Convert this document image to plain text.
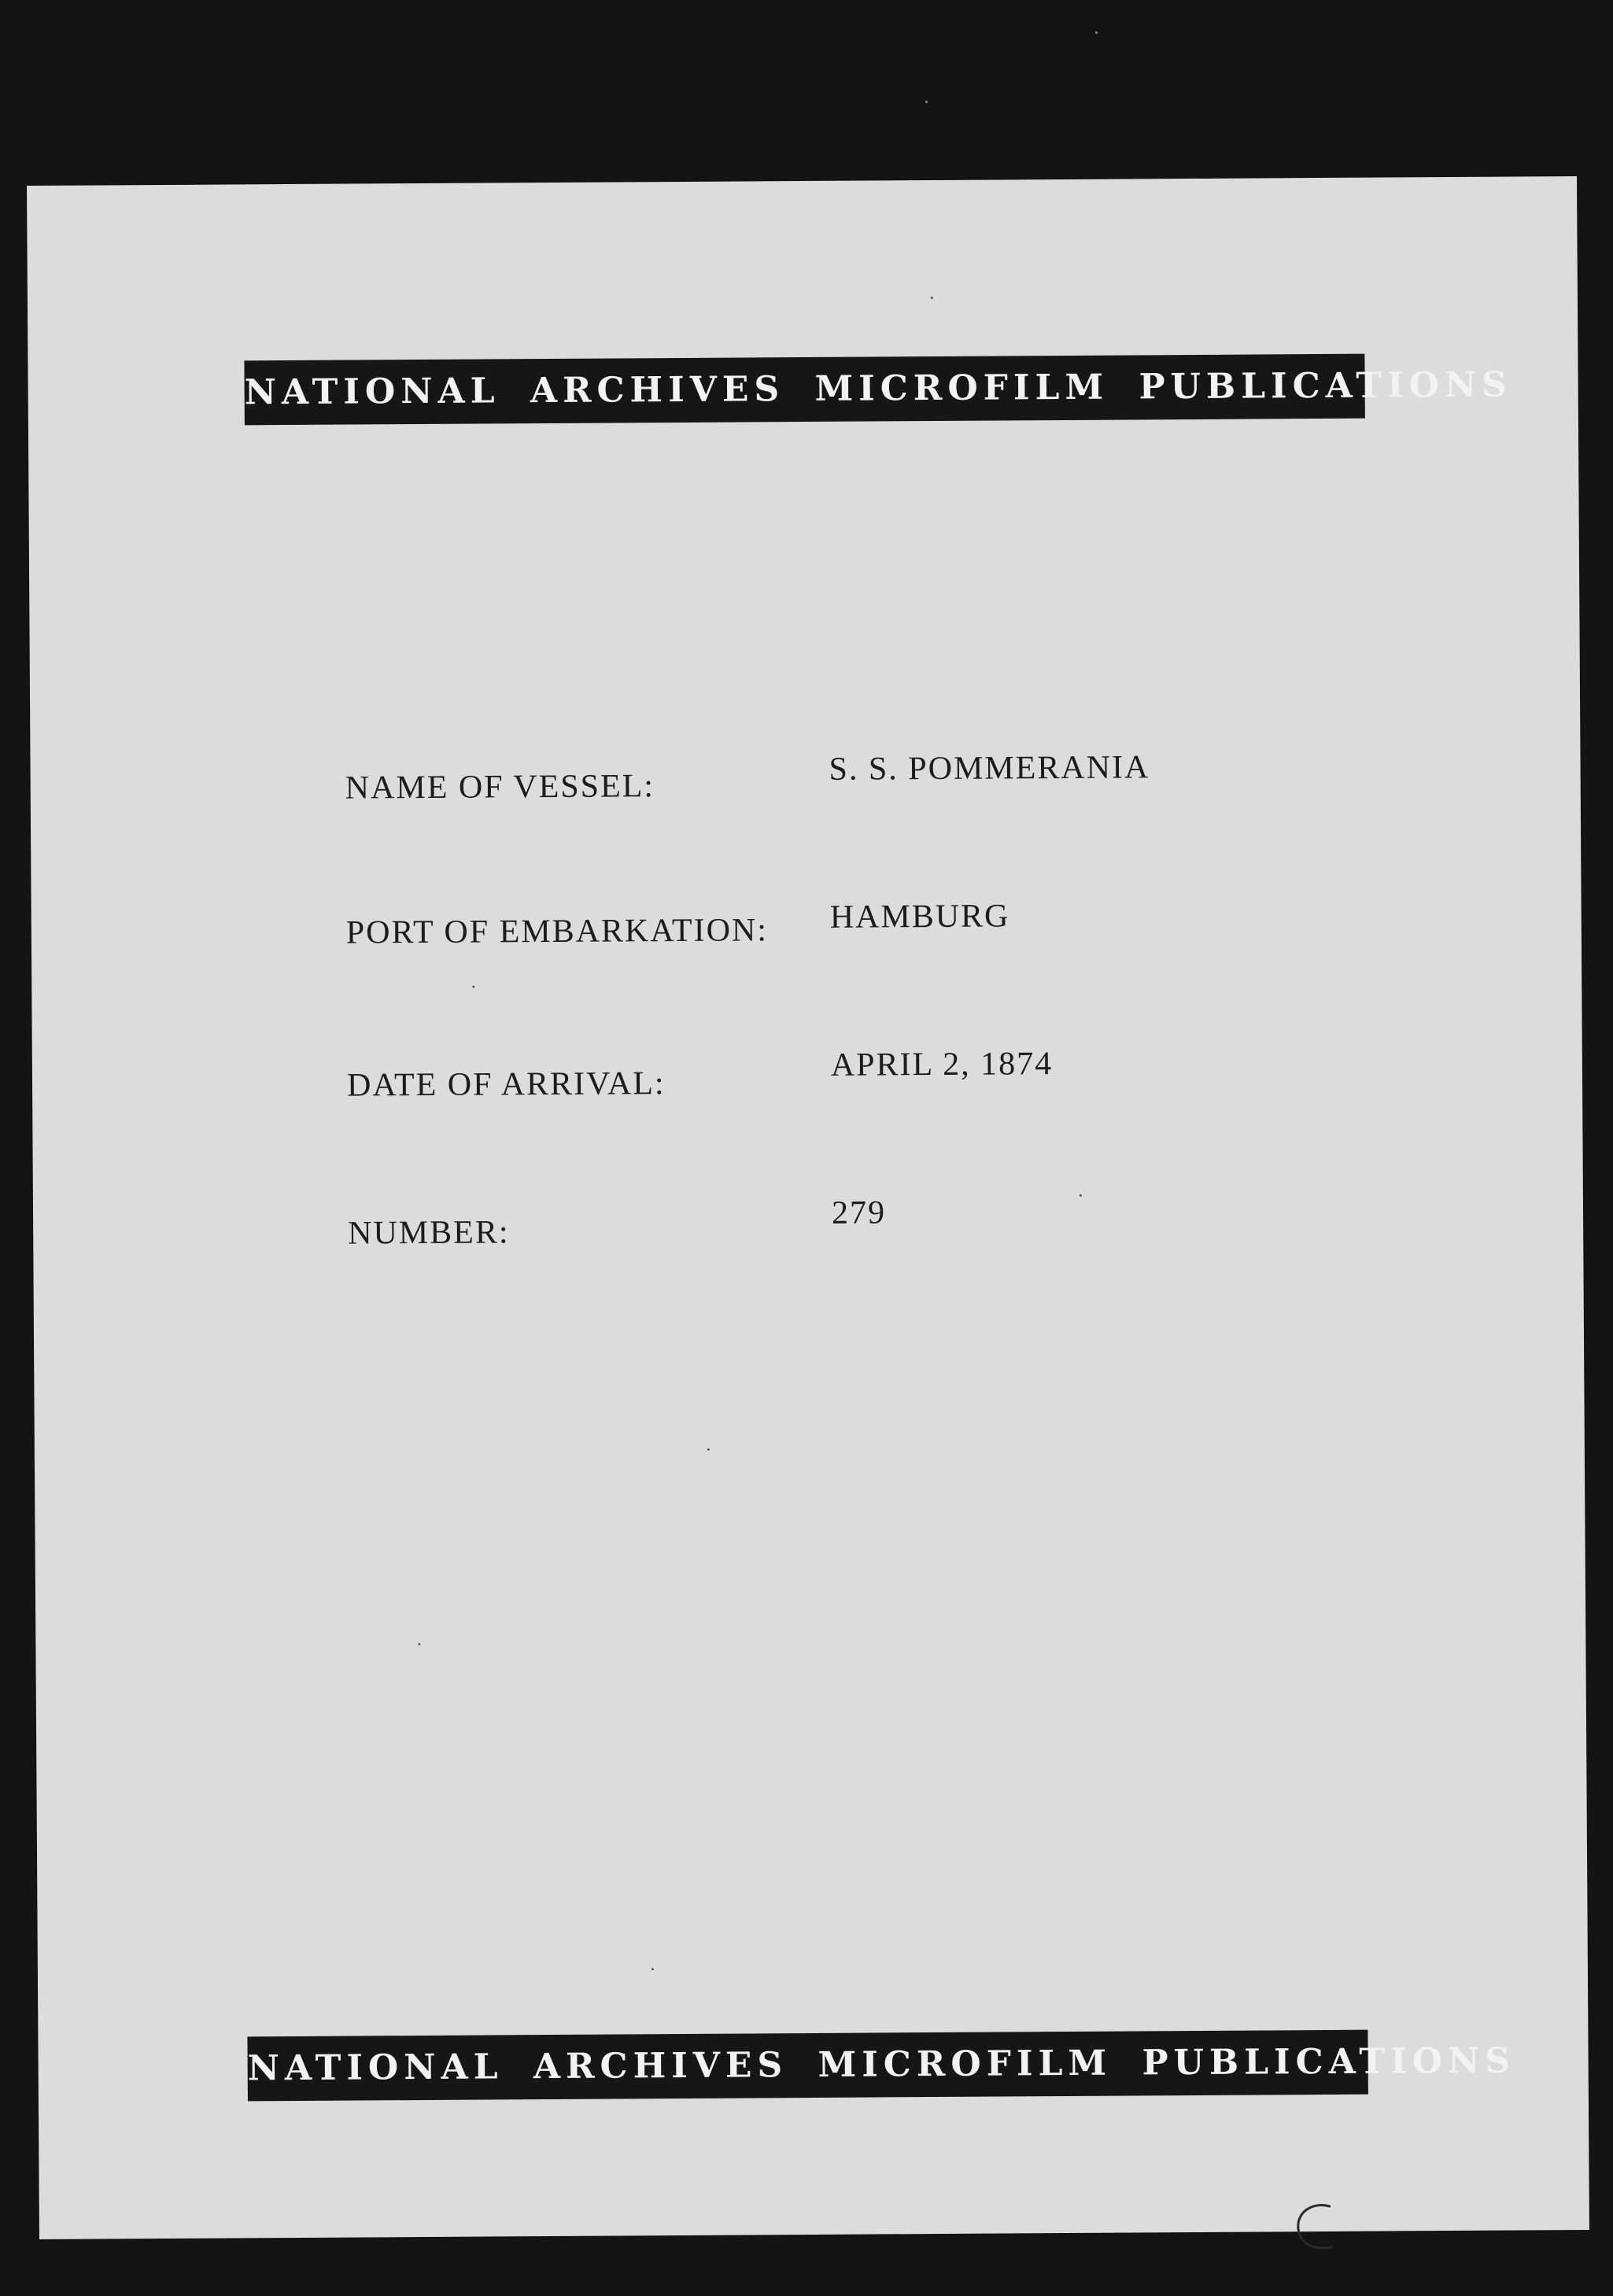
NATIONAL ARCHIVES MICROFILM PUBLICATIONS
NAME OF VESSEL:	S. S. POMMERANIA
PORT OF EMBARKATION: HAMBURG
DATE OF ARRIVAL:
APRIL 2, 1874
NUMBER:
279
NATIONAL ARCHIVES MICROFILM PUBLICATIONS
